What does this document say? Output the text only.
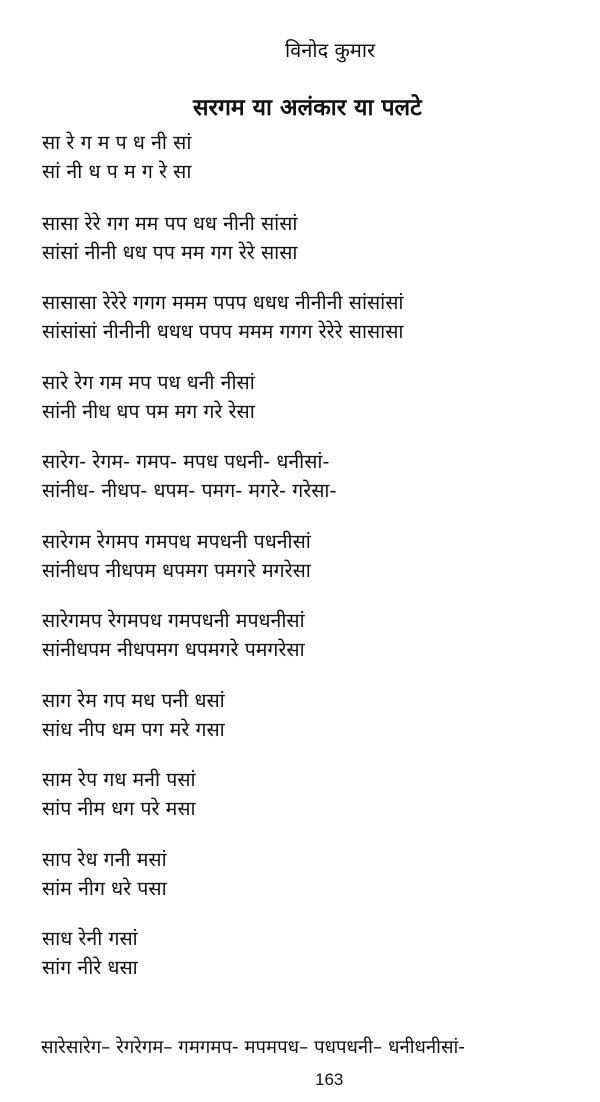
विनोद कुमार
सरगम या अलंकार या पलटे
सा रे ग म प ध नी सां
सां नी ध प म ग रे सा
सासा रेरे गग मम पप धध नीनी सांसां
सांसां नीनी धध पप मम गग रेरे सासा
सासासा रेरेरे गगग ममम पपप धधध नीनीनी सांसांसां
सांसांसां नीनीनी धधध पपप ममम गगग रेरेरे सासासा
सारे रेग गम मप पध धनी नीसां
सांनी नीध धप पम मग गरे रेसा
सारेग- रेगम- गमप- मपध पधनी- धनीसां-
सांनीध- नीधप- धपम- पमग- मगरे- गरेसा-
सारेगम रेगमप गमपध मपधनी पधनीसां
सांनीधप नीधपम धपमग पमगरे मगरेसा
सारेगमप रेगमपध गमपधनी मपधनीसां
सांनीधपम नीधपमग धपमगरे पमगरेसा
साग रेम गप मध पनी धसां
सांध नीप धम पग मरे गसा
साम रेप गध मनी पसां
सांप नीम धग परे मसा
साप रेध गनी मसां
सांम नीग धरे पसा
साध रेनी गसां
सांग नीरे धसा
सारेसारेग– रेगरेगम– गमगमप- मपमपध– पधपधनी– धनीधनीसां-
163
